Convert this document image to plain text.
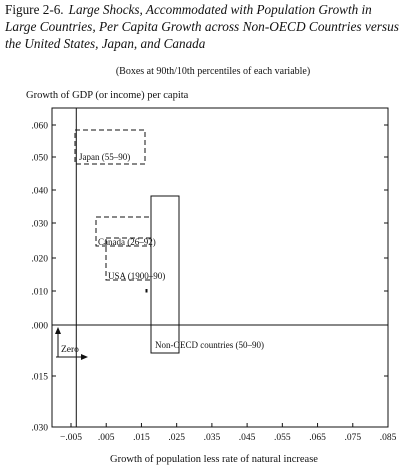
Figure 2-6. Large Shocks, Accommodated with Population Growth in
Large Countries, Per Capita Growth across Non-OECD Countries versus
the United States, Japan, and Canada
(Boxes at 90th/10th percentiles of each variable)
Growth of GDP (or income) per capita
Growth of population less rate of natural increase
.060
.050
.040
.030
.020
.010
.000
.015
.030
−.005 .005 .015 .025 .035 .045 .055 .065 .075 .085
Japan (55–90)
Canada (26–92)
USA (1900–90)
Non-OECD countries (50–90)
Zero
